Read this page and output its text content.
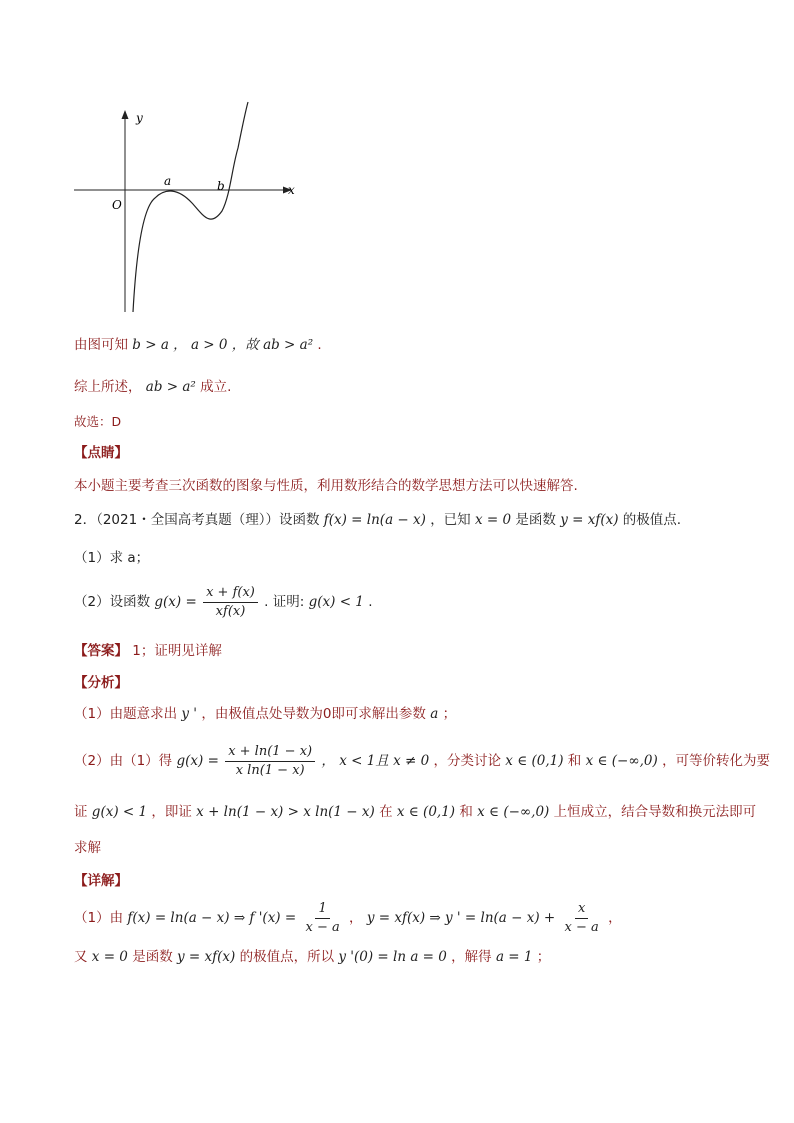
y
x
O
a	b
由图可知 b > a ， a > 0 ，故 ab > a² .
综上所述， ab > a² 成立.
故选：D
【点睛】
本小题主要考查三次函数的图象与性质，利用数形结合的数学思想方法可以快速解答.
2．（2021・全国高考真题（理））设函数 f(x) = ln(a − x) ，已知 x = 0 是函数 y = xf(x) 的极值点.
（1）求 a；
（2）设函数 $g(x) = \frac{x + f(x)}{xf(x)}$ . 证明: g(x) < 1 .
【答案】 1；证明见详解
【分析】
（1）由题意求出 y ' ，由极值点处导数为0即可求解出参数 a ；
（2）由（1）得 $g(x) = \frac{x + \ln(1 - x)}{\text{x ln(1 − x)}}$ ， x < 1且 x ≠ 0 ，分类讨论 x ∈ (0,1) 和 x ∈ (−∞,0) ，可等价转化为要
证 g(x) < 1 ，即证 x + ln(1 − x) > x ln(1 − x) 在 x ∈ (0,1) 和 x ∈ (−∞,0) 上恒成立，结合导数和换元法即可
求解
【详解】
（1）由 f(x) = ln(a − x) ⇒ f '$(x) = \frac{1}{x - a}$ ， y = xf(x) ⇒ y ' = $\ln(a - x) + \frac{x}{x - a}$ ，
又 x = 0 是函数 y = xf(x) 的极值点，所以 y '(0) = ln a = 0 ，解得 a = 1 ；
